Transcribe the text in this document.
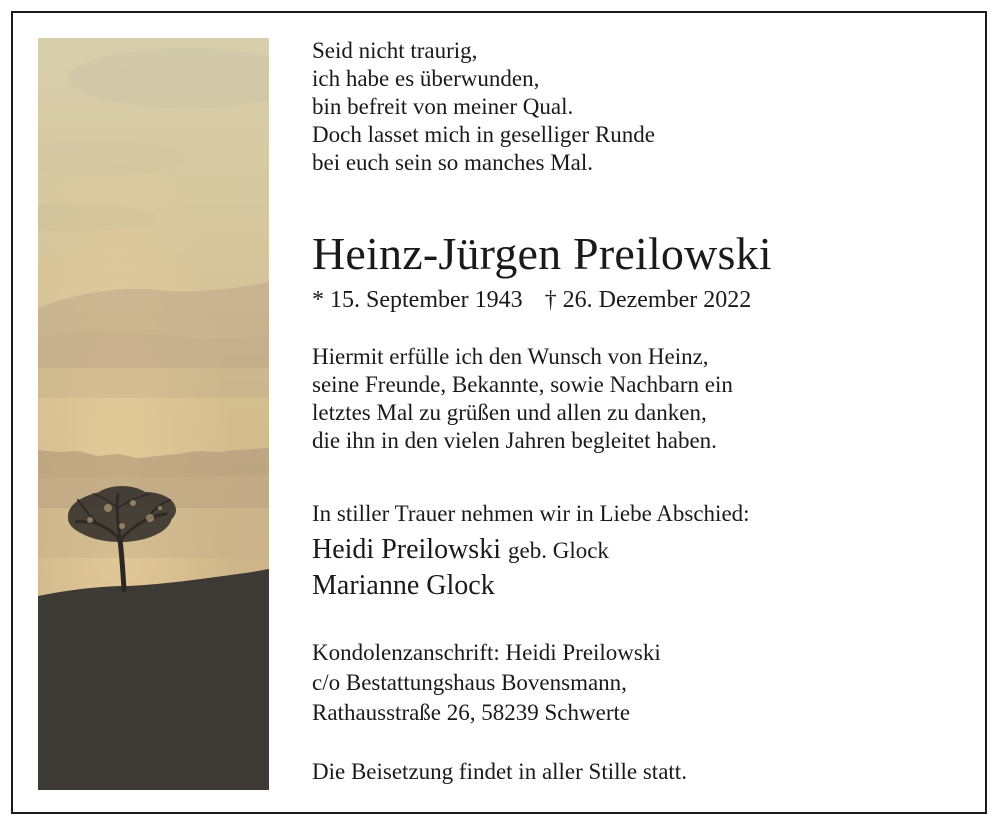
Seid nicht traurig,
ich habe es überwunden,
bin befreit von meiner Qual.
Doch lasset mich in geselliger Runde
bei euch sein so manches Mal.
Heinz-Jürgen Preilowski
* 15. September 1943 † 26. Dezember 2022
Hiermit erfülle ich den Wunsch von Heinz,
seine Freunde, Bekannte, sowie Nachbarn ein
letztes Mal zu grüßen und allen zu danken,
die ihn in den vielen Jahren begleitet haben.
In stiller Trauer nehmen wir in Liebe Abschied:
Heidi Preilowski geb. Glock
Marianne Glock
Kondolenzanschrift: Heidi Preilowski
c/o Bestattungshaus Bovensmann,
Rathausstraße 26, 58239 Schwerte
Die Beisetzung findet in aller Stille statt.
